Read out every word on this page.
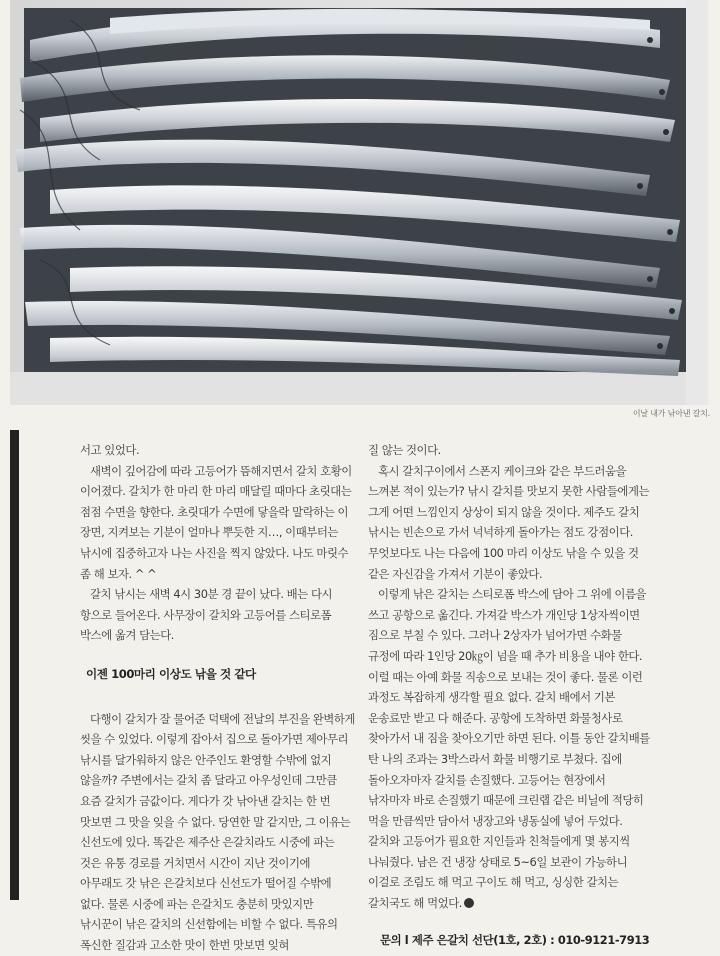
이날 내가 낚아낸 갈치.

서고 있었다.

새벽이 깊어감에 따라 고등어가 뜸해지면서 갈치 호황이 이어졌다. 갈치가 한 마리 한 마리 매달릴 때마다 초릿대는 점점 수면을 향한다. 초릿대가 수면에 닿을락 말락하는 이 장면, 지켜보는 기분이 얼마나 뿌듯한 지…, 이때부터는 낚시에 집중하고자 나는 사진을 찍지 않았다. 나도 마릿수 좀 해 보자. ^ ^

갈치 낚시는 새벽 4시 30분 경 끝이 났다. 배는 다시 항으로 들어온다. 사무장이 갈치와 고등어를 스티로폼 박스에 옮겨 담는다.

이젠 100마리 이상도 낚을 것 같다

다행이 갈치가 잘 물어준 덕택에 전날의 부진을 완벽하게 씻을 수 있었다. 이렇게 잡아서 집으로 돌아가면 제아무리 낚시를 달가워하지 않은 안주인도 환영할 수밖에 없지 않을까? 주변에서는 갈치 좀 달라고 아우성인데 그만큼 요즘 갈치가 금값이다. 게다가 갓 낚아낸 갈치는 한 번 맛보면 그 맛을 잊을 수 없다. 당연한 말 같지만, 그 이유는 신선도에 있다. 똑같은 제주산 은갈치라도 시중에 파는 것은 유통 경로를 거치면서 시간이 지난 것이기에 아무래도 갓 낚은 은갈치보다 신선도가 떨어질 수밖에 없다. 물론 시중에 파는 은갈치도 충분히 맛있지만 낚시꾼이 낚은 갈치의 신선함에는 비할 수 없다. 특유의 폭신한 질감과 고소한 맛이 한번 맛보면 잊혀

질 않는 것이다.

혹시 갈치구이에서 스폰지 케이크와 같은 부드러움을 느껴본 적이 있는가? 낚시 갈치를 맛보지 못한 사람들에게는 그게 어떤 느낌인지 상상이 되지 않을 것이다. 제주도 갈치 낚시는 빈손으로 가서 넉넉하게 돌아가는 점도 강점이다. 무엇보다도 나는 다음에 100 마리 이상도 낚을 수 있을 것 같은 자신감을 가져서 기분이 좋았다.

이렇게 낚은 갈치는 스티로폼 박스에 담아 그 위에 이름을 쓰고 공항으로 옮긴다. 가져갈 박스가 개인당 1상자씩이면 짐으로 부칠 수 있다. 그러나 2상자가 넘어가면 수화물 규정에 따라 1인당 20㎏이 넘을 때 추가 비용을 내야 한다. 이럴 때는 아예 화물 직송으로 보내는 것이 좋다. 물론 이런 과정도 복잡하게 생각할 필요 없다. 갈치 배에서 기본 운송료만 받고 다 해준다. 공항에 도착하면 화물청사로 찾아가서 내 짐을 찾아오기만 하면 된다. 이틀 동안 갈치배를 탄 나의 조과는 3박스라서 화물 비행기로 부쳤다. 집에 돌아오자마자 갈치를 손질했다. 고등어는 현장에서 낚자마자 바로 손질했기 때문에 크린랩 같은 비닐에 적당히 먹을 만큼씩만 담아서 냉장고와 냉동실에 넣어 두었다. 갈치와 고등어가 필요한 지인들과 친척들에게 몇 봉지씩 나눠줬다. 남은 건 냉장 상태로 5~6일 보관이 가능하니 이걸로 조림도 해 먹고 구이도 해 먹고, 싱싱한 갈치는 갈치국도 해 먹었다.

문의 l 제주 은갈치 선단(1호, 2호) : 010-9121-7913
